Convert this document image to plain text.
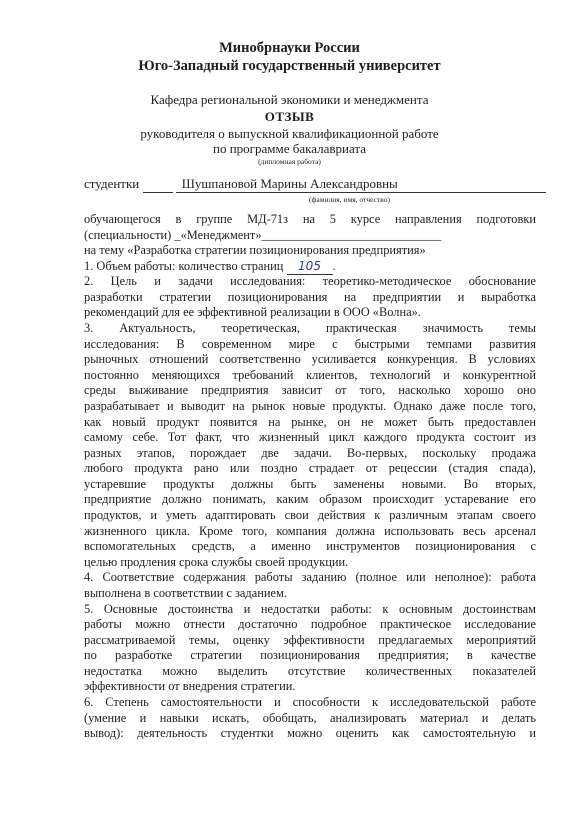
Минобрнауки России
Юго-Западный государственный университет
Кафедра региональной экономики и менеджмента
ОТЗЫВ
руководителя о выпускной квалификационной работе
по программе бакалавриата
(дипломная работа)
студентки	Шушпановой Марины Александровны
(фамилия, имя, отчество)
обучающегося в группе МД-71з на 5 курсе направления подготовки
(специальности) _«Менеджмент»_____________________________
на тему «Разработка стратегии позиционирования предприятия»
1. Объем работы: количество страниц 105 .
2. Цель и задачи исследования: теоретико-методическое обоснование
разработки стратегии позиционирования на предприятии и выработка
рекомендаций для ее эффективной реализации в ООО «Волна».
3. Актуальность, теоретическая, практическая значимость темы
исследования: В современном мире с быстрыми темпами развития
рыночных отношений соответственно усиливается конкуренция. В условиях
постоянно меняющихся требований клиентов, технологий и конкурентной
среды выживание предприятия зависит от того, насколько хорошо оно
разрабатывает и выводит на рынок новые продукты. Однако даже после того,
как новый продукт появится на рынке, он не может быть предоставлен
самому себе. Тот факт, что жизненный цикл каждого продукта состоит из
разных этапов, порождает две задачи. Во-первых, поскольку продажа
любого продукта рано или поздно страдает от рецессии (стадия спада),
устаревшие продукты должны быть заменены новыми. Во вторых,
предприятие должно понимать, каким образом происходит устаревание его
продуктов, и уметь адаптировать свои действия к различным этапам своего
жизненного цикла. Кроме того, компания должна использовать весь арсенал
вспомогательных средств, а именно инструментов позиционирования с
целью продления срока службы своей продукции.
4. Соответствие содержания работы заданию (полное или неполное): работа
выполнена в соответствии с заданием.
5. Основные достоинства и недостатки работы: к основным достоинствам
работы можно отнести достаточно подробное практическое исследование
рассматриваемой темы, оценку эффективности предлагаемых мероприятий
по разработке стратегии позиционирования предприятия; в качестве
недостатка можно выделить отсутствие количественных показателей
эффективности от внедрения стратегии.
6. Степень самостоятельности и способности к исследовательской работе
(умение и навыки искать, обобщать, анализировать материал и делать
вывод): деятельность студентки можно оценить как самостоятельную и
